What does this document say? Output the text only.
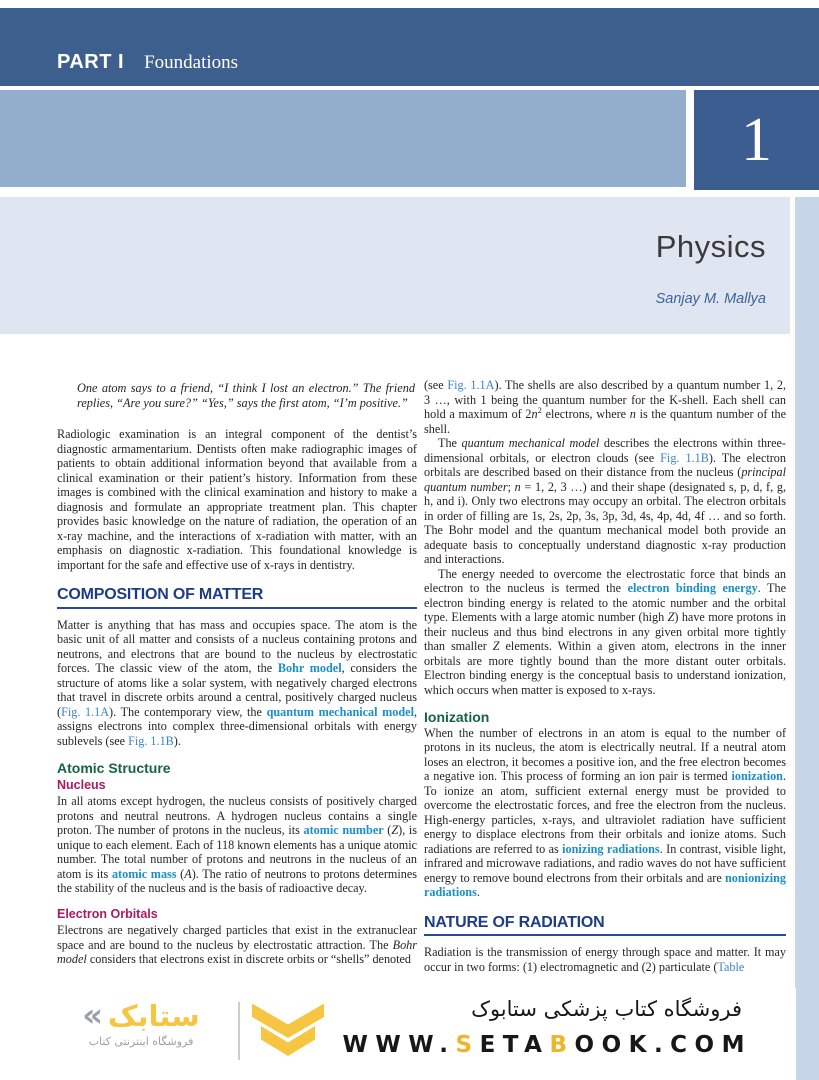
PART I Foundations
1
Physics
Sanjay M. Mallya
One atom says to a friend, “I think I lost an electron.” The friend replies, “Are you sure?” “Yes,” says the first atom, “I’m positive.”

Radiologic examination is an integral component of the dentist’s diagnostic armamentarium. Dentists often make radiographic images of patients to obtain additional information beyond that available from a clinical examination or their patient’s history. Information from these images is combined with the clinical examination and history to make a diagnosis and formulate an appropriate treatment plan. This chapter provides basic knowledge on the nature of radiation, the operation of an x-ray machine, and the interactions of x-radiation with matter, with an emphasis on diagnostic x-radiation. This foundational knowledge is important for the safe and effective use of x-rays in dentistry.

COMPOSITION OF MATTER

Matter is anything that has mass and occupies space. The atom is the basic unit of all matter and consists of a nucleus containing protons and neutrons, and electrons that are bound to the nucleus by electrostatic forces. The classic view of the atom, the Bohr model, considers the structure of atoms like a solar system, with negatively charged electrons that travel in discrete orbits around a central, positively charged nucleus (Fig. 1.1A). The contemporary view, the quantum mechanical model, assigns electrons into complex three-dimensional orbitals with energy sublevels (see Fig. 1.1B).

Atomic Structure
Nucleus

In all atoms except hydrogen, the nucleus consists of positively charged protons and neutral neutrons. A hydrogen nucleus contains a single proton. The number of protons in the nucleus, its atomic number (Z), is unique to each element. Each of 118 known elements has a unique atomic number. The total number of protons and neutrons in the nucleus of an atom is its atomic mass (A). The ratio of neutrons to protons determines the stability of the nucleus and is the basis of radioactive decay.

Electron Orbitals

Electrons are negatively charged particles that exist in the extranuclear space and are bound to the nucleus by electrostatic attraction. The Bohr model considers that electrons exist in discrete orbits or “shells” denoted

(see Fig. 1.1A). The shells are also described by a quantum number 1, 2, 3 …, with 1 being the quantum number for the K-shell. Each shell can hold a maximum of $2n^2$ electrons, where n is the quantum number of the shell.

The quantum mechanical model describes the electrons within three-dimensional orbitals, or electron clouds (see Fig. 1.1B). The electron orbitals are described based on their distance from the nucleus (principal quantum number; n = 1, 2, 3 …) and their shape (designated s, p, d, f, g, h, and i). Only two electrons may occupy an orbital. The electron orbitals in order of filling are 1s, 2s, 2p, 3s, 3p, 3d, 4s, 4p, 4d, 4f … and so forth. The Bohr model and the quantum mechanical model both provide an adequate basis to conceptually understand diagnostic x-ray production and interactions.

The energy needed to overcome the electrostatic force that binds an electron to the nucleus is termed the electron binding energy. The electron binding energy is related to the atomic number and the orbital type. Elements with a large atomic number (high Z) have more protons in their nucleus and thus bind electrons in any given orbital more tightly than smaller Z elements. Within a given atom, electrons in the inner orbitals are more tightly bound than the more distant outer orbitals. Electron binding energy is the conceptual basis to understand ionization, which occurs when matter is exposed to x-rays.

Ionization

When the number of electrons in an atom is equal to the number of protons in its nucleus, the atom is electrically neutral. If a neutral atom loses an electron, it becomes a positive ion, and the free electron becomes a negative ion. This process of forming an ion pair is termed ionization. To ionize an atom, sufficient external energy must be provided to overcome the electrostatic forces, and free the electron from the nucleus. High-energy particles, x-rays, and ultraviolet radiation have sufficient energy to displace electrons from their orbitals and ionize atoms. Such radiations are referred to as ionizing radiations. In contrast, visible light, infrared and microwave radiations, and radio waves do not have sufficient energy to remove bound electrons from their orbitals and are nonionizing radiations.

NATURE OF RADIATION

Radiation is the transmission of energy through space and matter. It may occur in two forms: (1) electromagnetic and (2) particulate (Table

« ستابک
فروشگاه اینترنتی کتاب
فروشگاه کتاب پزشکی ستابوک
WWW.SETABOOK.COM
